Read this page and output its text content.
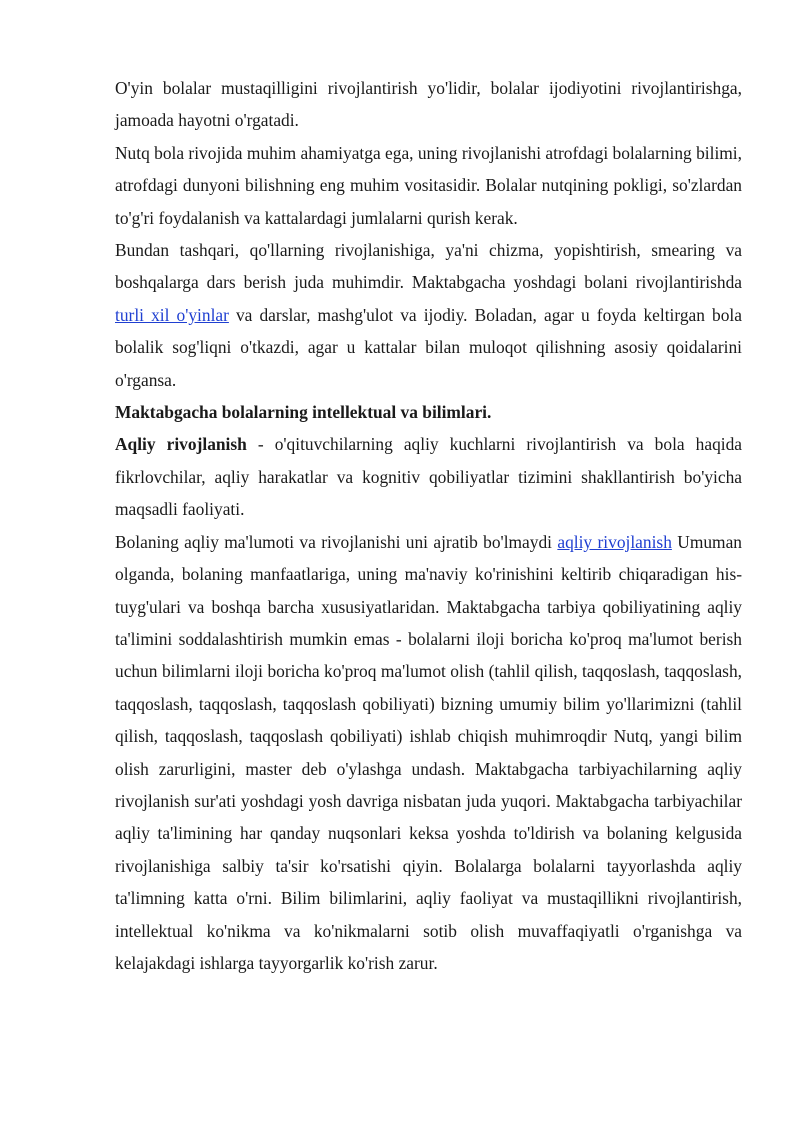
O'yin bolalar mustaqilligini rivojlantirish yo'lidir, bolalar ijodiyotini rivojlantirishga, jamoada hayotni o'rgatadi.

Nutq bola rivojida muhim ahamiyatga ega, uning rivojlanishi atrofdagi bolalarning bilimi, atrofdagi dunyoni bilishning eng muhim vositasidir. Bolalar nutqining pokligi, so'zlardan to'g'ri foydalanish va kattalardagi jumlalarni qurish kerak.

Bundan tashqari, qo'llarning rivojlanishiga, ya'ni chizma, yopishtirish, smearing va boshqalarga dars berish juda muhimdir. Maktabgacha yoshdagi bolani rivojlantirishda turli xil o'yinlar va darslar, mashg'ulot va ijodiy. Boladan, agar u foyda keltirgan bola bolalik sog'liqni o'tkazdi, agar u kattalar bilan muloqot qilishning asosiy qoidalarini o'rgansa.

Maktabgacha bolalarning intellektual va bilimlari.

Aqliy rivojlanish - o'qituvchilarning aqliy kuchlarni rivojlantirish va bola haqida fikrlovchilar, aqliy harakatlar va kognitiv qobiliyatlar tizimini shakllantirish bo'yicha maqsadli faoliyati.

Bolaning aqliy ma'lumoti va rivojlanishi uni ajratib bo'lmaydi aqliy rivojlanish Umuman olganda, bolaning manfaatlariga, uning ma'naviy ko'rinishini keltirib chiqaradigan his-tuyg'ulari va boshqa barcha xususiyatlaridan. Maktabgacha tarbiya qobiliyatining aqliy ta'limini soddalashtirish mumkin emas - bolalarni iloji boricha ko'proq ma'lumot berish uchun bilimlarni iloji boricha ko'proq ma'lumot olish (tahlil qilish, taqqoslash, taqqoslash, taqqoslash, taqqoslash, taqqoslash qobiliyati) bizning umumiy bilim yo'llarimizni (tahlil qilish, taqqoslash, taqqoslash qobiliyati) ishlab chiqish muhimroqdir Nutq, yangi bilim olish zarurligini, master deb o'ylashga undash. Maktabgacha tarbiyachilarning aqliy rivojlanish sur'ati yoshdagi yosh davriga nisbatan juda yuqori. Maktabgacha tarbiyachilar aqliy ta'limining har qanday nuqsonlari keksa yoshda to'ldirish va bolaning kelgusida rivojlanishiga salbiy ta'sir ko'rsatishi qiyin. Bolalarga bolalarni tayyorlashda aqliy ta'limning katta o'rni. Bilim bilimlarini, aqliy faoliyat va mustaqillikni rivojlantirish, intellektual ko'nikma va ko'nikmalarni sotib olish muvaffaqiyatli o'rganishga va kelajakdagi ishlarga tayyorgarlik ko'rish zarur.
